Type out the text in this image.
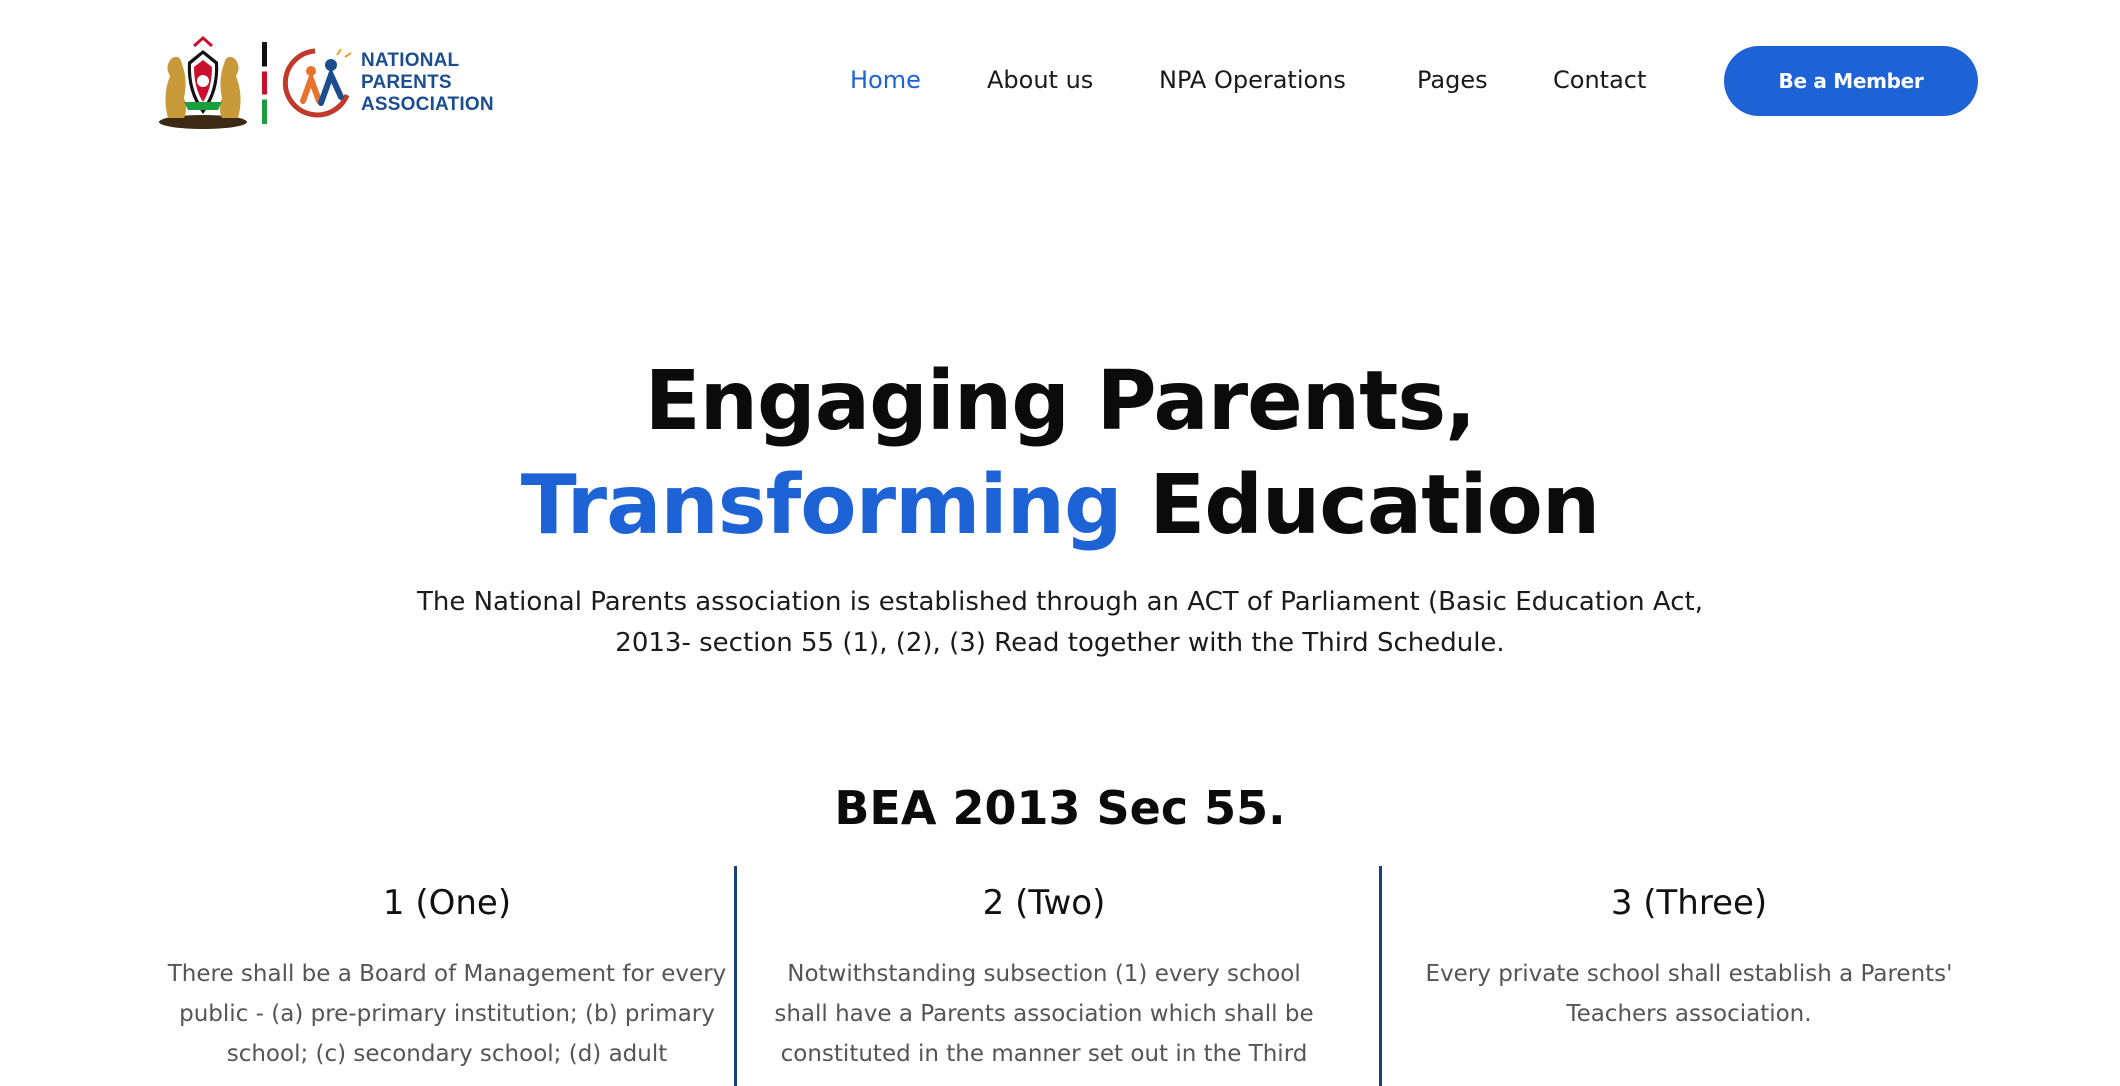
NATIONAL
PARENTS
ASSOCIATION
Home	About us	NPA Operations	Pages	Contact	Be a Member
Engaging Parents,
Transforming Education

The National Parents association is established through an ACT of Parliament (Basic Education Act, 2013- section 55 (1), (2), (3) Read together with the Third Schedule.

BEA 2013 Sec 55.
1 (One)

There shall be a Board of Management for every public - (a) pre-primary institution; (b) primary school; (c) secondary school; (d) adult

2 (Two)

Notwithstanding subsection (1) every school shall have a Parents association which shall be constituted in the manner set out in the Third

3 (Three)

Every private school shall establish a Parents' Teachers association.
